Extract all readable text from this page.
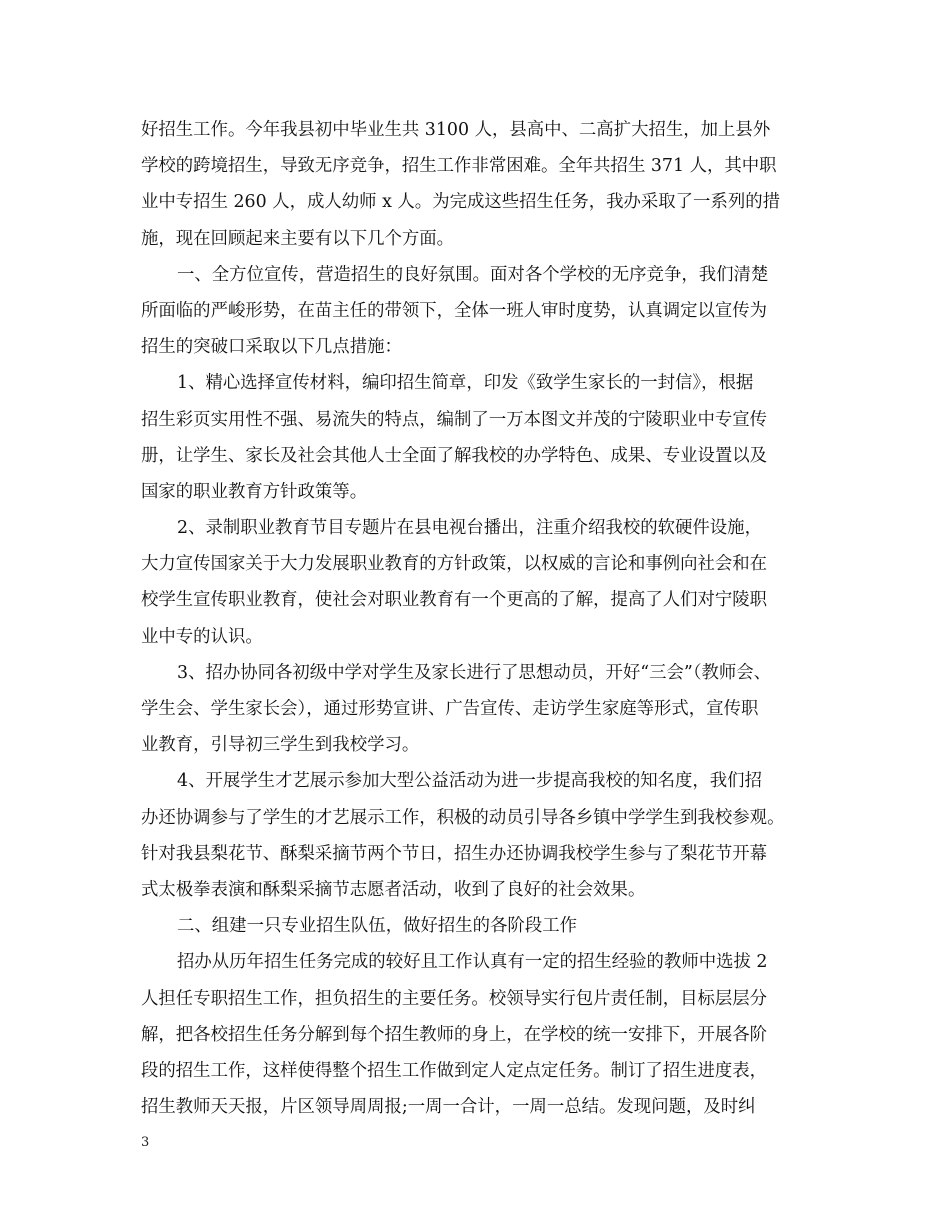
好招生工作。今年我县初中毕业生共 3100 人，县高中、二高扩大招生，加上县外
学校的跨境招生，导致无序竞争，招生工作非常困难。全年共招生 371 人，其中职
业中专招生 260 人，成人幼师 x 人。为完成这些招生任务，我办采取了一系列的措
施，现在回顾起来主要有以下几个方面。
一、全方位宣传，营造招生的良好氛围。面对各个学校的无序竞争，我们清楚
所面临的严峻形势，在苗主任的带领下，全体一班人审时度势，认真调定以宣传为
招生的突破口采取以下几点措施：
1、精心选择宣传材料，编印招生简章，印发《致学生家长的一封信》，根据
招生彩页实用性不强、易流失的特点，编制了一万本图文并茂的宁陵职业中专宣传
册，让学生、家长及社会其他人士全面了解我校的办学特色、成果、专业设置以及
国家的职业教育方针政策等。
2、录制职业教育节目专题片在县电视台播出，注重介绍我校的软硬件设施，
大力宣传国家关于大力发展职业教育的方针政策，以权威的言论和事例向社会和在
校学生宣传职业教育，使社会对职业教育有一个更高的了解，提高了人们对宁陵职
业中专的认识。
3、招办协同各初级中学对学生及家长进行了思想动员，开好“三会”（教师会、
学生会、学生家长会），通过形势宣讲、广告宣传、走访学生家庭等形式，宣传职
业教育，引导初三学生到我校学习。
4、开展学生才艺展示参加大型公益活动为进一步提高我校的知名度，我们招
办还协调参与了学生的才艺展示工作，积极的动员引导各乡镇中学学生到我校参观。
针对我县梨花节、酥梨采摘节两个节日，招生办还协调我校学生参与了梨花节开幕
式太极拳表演和酥梨采摘节志愿者活动，收到了良好的社会效果。
二、组建一只专业招生队伍，做好招生的各阶段工作
招办从历年招生任务完成的较好且工作认真有一定的招生经验的教师中选拔 2
人担任专职招生工作，担负招生的主要任务。校领导实行包片责任制，目标层层分
解，把各校招生任务分解到每个招生教师的身上，在学校的统一安排下，开展各阶
段的招生工作，这样使得整个招生工作做到定人定点定任务。制订了招生进度表，
招生教师天天报，片区领导周周报;一周一合计，一周一总结。发现问题，及时纠
3
